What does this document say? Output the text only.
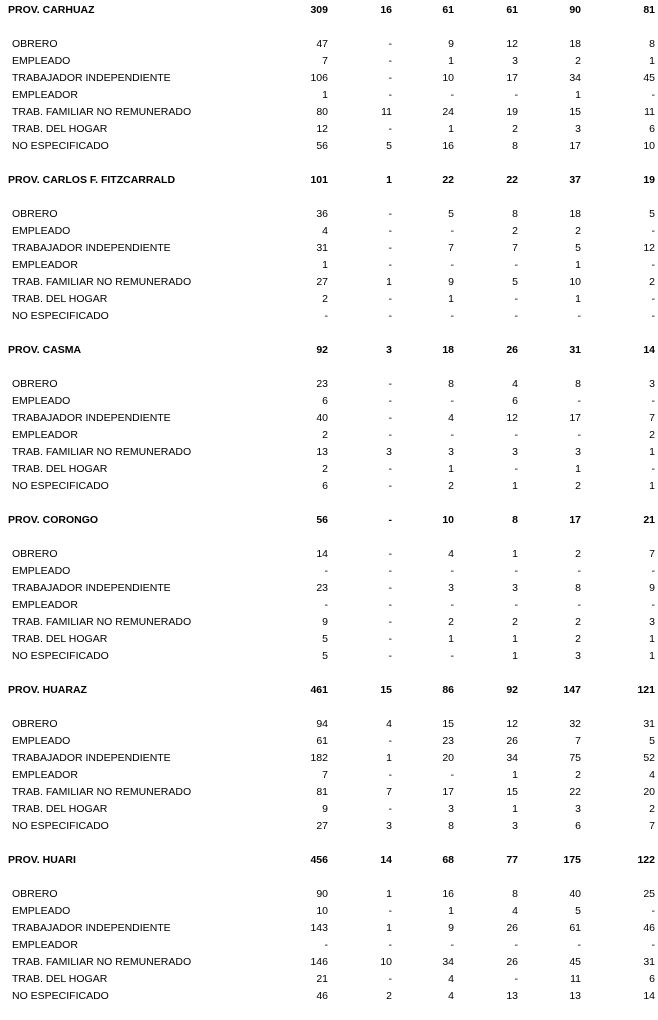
PROV. CARHUAZ	309	16	61	61	90	81
OBRERO	47	-	9	12	18	8
EMPLEADO	7	-	1	3	2	1
TRABAJADOR INDEPENDIENTE	106	-	10	17	34	45
EMPLEADOR	1	-	-	-	1	-
TRAB. FAMILIAR NO REMUNERADO	80	11	24	19	15	11
TRAB. DEL HOGAR	12	-	1	2	3	6
NO ESPECIFICADO	56	5	16	8	17	10
PROV. CARLOS F. FITZCARRALD	101	1	22	22	37	19
OBRERO	36	-	5	8	18	5
EMPLEADO	4	-	-	2	2	-
TRABAJADOR INDEPENDIENTE	31	-	7	7	5	12
EMPLEADOR	1	-	-	-	1	-
TRAB. FAMILIAR NO REMUNERADO	27	1	9	5	10	2
TRAB. DEL HOGAR	2	-	1	-	1	-
NO ESPECIFICADO	-	-	-	-	-	-
PROV. CASMA	92	3	18	26	31	14
OBRERO	23	-	8	4	8	3
EMPLEADO	6	-	-	6	-	-
TRABAJADOR INDEPENDIENTE	40	-	4	12	17	7
EMPLEADOR	2	-	-	-	-	2
TRAB. FAMILIAR NO REMUNERADO	13	3	3	3	3	1
TRAB. DEL HOGAR	2	-	1	-	1	-
NO ESPECIFICADO	6	-	2	1	2	1
PROV. CORONGO	56	-	10	8	17	21
OBRERO	14	-	4	1	2	7
EMPLEADO	-	-	-	-	-	-
TRABAJADOR INDEPENDIENTE	23	-	3	3	8	9
EMPLEADOR	-	-	-	-	-	-
TRAB. FAMILIAR NO REMUNERADO	9	-	2	2	2	3
TRAB. DEL HOGAR	5	-	1	1	2	1
NO ESPECIFICADO	5	-	-	1	3	1
PROV. HUARAZ	461	15	86	92	147	121
OBRERO	94	4	15	12	32	31
EMPLEADO	61	-	23	26	7	5
TRABAJADOR INDEPENDIENTE	182	1	20	34	75	52
EMPLEADOR	7	-	-	1	2	4
TRAB. FAMILIAR NO REMUNERADO	81	7	17	15	22	20
TRAB. DEL HOGAR	9	-	3	1	3	2
NO ESPECIFICADO	27	3	8	3	6	7
PROV. HUARI	456	14	68	77	175	122
OBRERO	90	1	16	8	40	25
EMPLEADO	10	-	1	4	5	-
TRABAJADOR INDEPENDIENTE	143	1	9	26	61	46
EMPLEADOR	-	-	-	-	-	-
TRAB. FAMILIAR NO REMUNERADO	146	10	34	26	45	31
TRAB. DEL HOGAR	21	-	4	-	11	6
NO ESPECIFICADO	46	2	4	13	13	14
